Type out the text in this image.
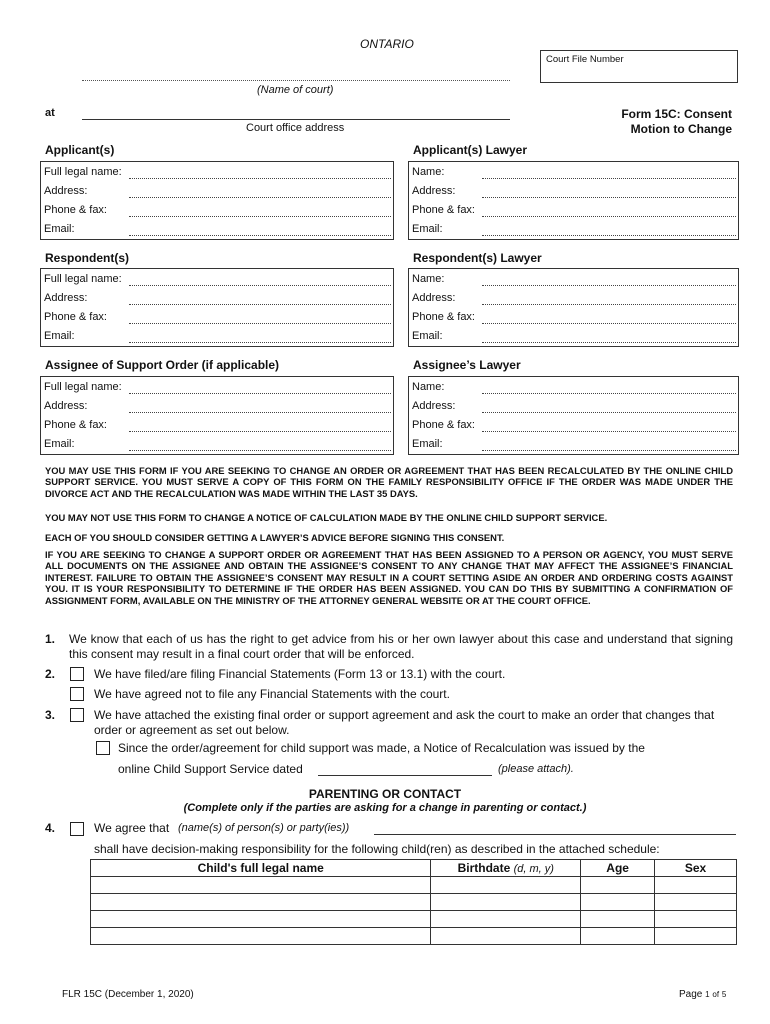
ONTARIO
Court File Number
(Name of court)
at
Court office address
Form 15C: Consent
Motion to Change
Applicant(s)
Full legal name:
Address:
Phone & fax:
Email:
Applicant(s) Lawyer
Name:
Address:
Phone & fax:
Email:
Respondent(s)
Full legal name:
Address:
Phone & fax:
Email:
Respondent(s) Lawyer
Name:
Address:
Phone & fax:
Email:
Assignee of Support Order (if applicable)
Full legal name:
Address:
Phone & fax:
Email:
Assignee’s Lawyer
Name:
Address:
Phone & fax:
Email:
YOU MAY USE THIS FORM IF YOU ARE SEEKING TO CHANGE AN ORDER OR AGREEMENT THAT HAS BEEN RECALCULATED BY THE ONLINE CHILD SUPPORT SERVICE. YOU MUST SERVE A COPY OF THIS FORM ON THE FAMILY RESPONSIBILITY OFFICE IF THE ORDER WAS MADE UNDER THE DIVORCE ACT AND THE RECALCULATION WAS MADE WITHIN THE LAST 35 DAYS.
YOU MAY NOT USE THIS FORM TO CHANGE A NOTICE OF CALCULATION MADE BY THE ONLINE CHILD SUPPORT SERVICE.
EACH OF YOU SHOULD CONSIDER GETTING A LAWYER’S ADVICE BEFORE SIGNING THIS CONSENT.
IF YOU ARE SEEKING TO CHANGE A SUPPORT ORDER OR AGREEMENT THAT HAS BEEN ASSIGNED TO A PERSON OR AGENCY, YOU MUST SERVE ALL DOCUMENTS ON THE ASSIGNEE AND OBTAIN THE ASSIGNEE’S CONSENT TO ANY CHANGE THAT MAY AFFECT THE ASSIGNEE’S FINANCIAL INTEREST. FAILURE TO OBTAIN THE ASSIGNEE’S CONSENT MAY RESULT IN A COURT SETTING ASIDE AN ORDER AND ORDERING COSTS AGAINST YOU. IT IS YOUR RESPONSIBILITY TO DETERMINE IF THE ORDER HAS BEEN ASSIGNED. YOU CAN DO THIS BY SUBMITTING A CONFIRMATION OF ASSIGNMENT FORM, AVAILABLE ON THE MINISTRY OF THE ATTORNEY GENERAL WEBSITE OR AT THE COURT OFFICE.
1. We know that each of us has the right to get advice from his or her own lawyer about this case and understand that signing this consent may result in a final court order that will be enforced.
2.	We have filed/are filing Financial Statements (Form 13 or 13.1) with the court.
We have agreed not to file any Financial Statements with the court.
3.	We have attached the existing final order or support agreement and ask the court to make an order that changes that order or agreement as set out below.
Since the order/agreement for child support was made, a Notice of Recalculation was issued by the
online Child Support Service dated	(please attach).
PARENTING OR CONTACT
(Complete only if the parties are asking for a change in parenting or contact.)
4.	We agree that (name(s) of person(s) or party(ies))
shall have decision-making responsibility for the following child(ren) as described in the attached schedule:
Child's full legal name	Birthdate (d, m, y)	Age	Sex

FLR 15C (December 1, 2020)	Page 1 of 5
